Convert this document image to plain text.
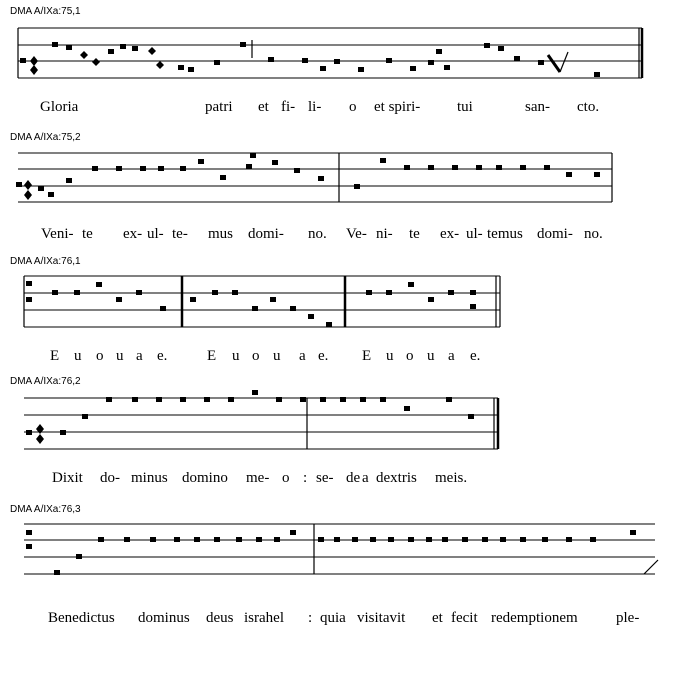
DMA A/IXa:75,1
Gloria	patri et fi- li- o et spiri- tui	san- cto.
DMA A/IXa:75,2
Veni- te ex- ul- te- mus domi- no. Ve- ni- te ex- ul- temus domi- no.
DMA A/IXa:76,1
E u o u a e.	E u o u a e. E u o u a e.
DMA A/IXa:76,2
Dixit do- minus domino me- o : se- de a dextris meis.
DMA A/IXa:76,3
Benedictus dominus deus israhel : quia visitavit et fecit redemptionem	ple-
